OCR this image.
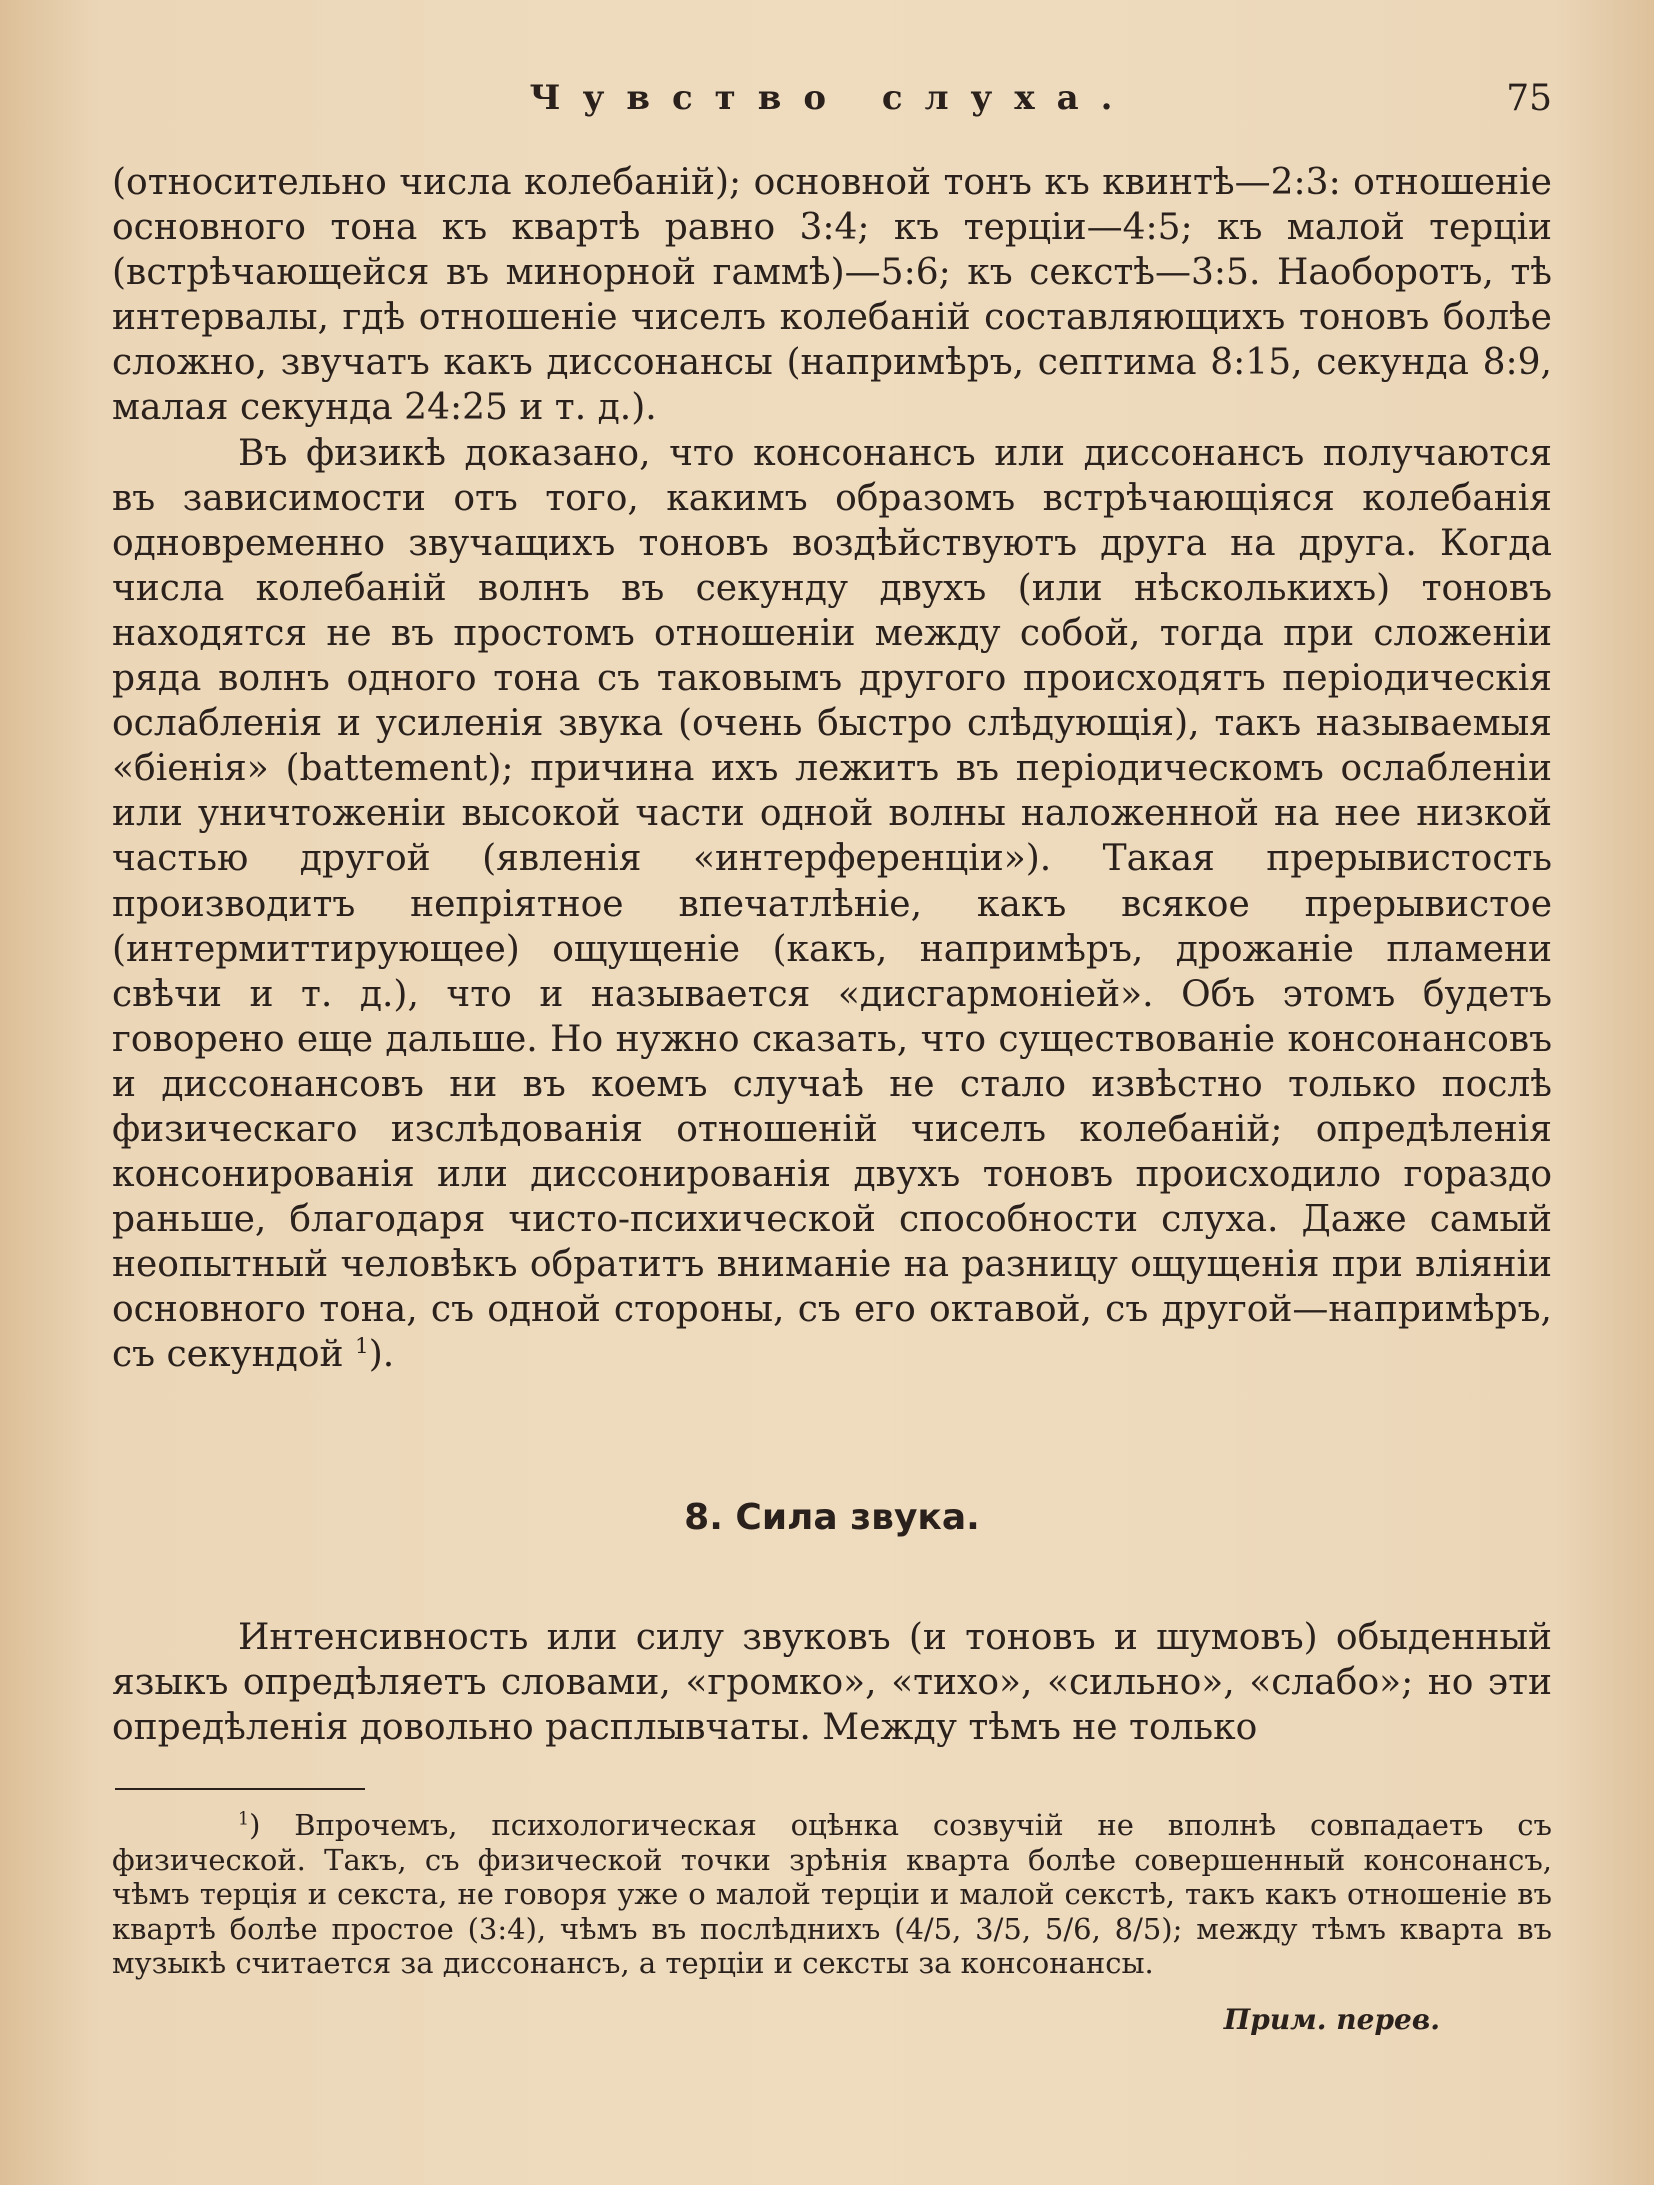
Чувство слуха.	75

(относительно числа колебаній); основной тонъ къ квинтѣ—2:3: отношеніе основного тона къ квартѣ равно 3:4; къ терціи—4:5; къ малой терціи (встрѣчающейся въ минорной гаммѣ)—5:6; къ секстѣ—3:5. Наоборотъ, тѣ интервалы, гдѣ отношеніе чиселъ колебаній составляющихъ тоновъ болѣе сложно, звучатъ какъ диссонансы (напримѣръ, септима 8:15, секунда 8:9, малая секунда 24:25 и т. д.).

Въ физикѣ доказано, что консонансъ или диссонансъ получаются въ зависимости отъ того, какимъ образомъ встрѣчающіяся колебанія одновременно звучащихъ тоновъ воздѣйствуютъ друга на друга. Когда числа колебаній волнъ въ секунду двухъ (или нѣсколькихъ) тоновъ находятся не въ простомъ отношеніи между собой, тогда при сложеніи ряда волнъ одного тона съ таковымъ другого происходятъ періодическія ослабленія и усиленія звука (очень быстро слѣдующія), такъ называемыя «біенія» (battement); причина ихъ лежитъ въ періодическомъ ослабленіи или уничтоженіи высокой части одной волны наложенной на нее низкой частью другой (явленія «интерференціи»). Такая прерывистость производитъ непріятное впечатлѣніе, какъ всякое прерывистое (интермиттирующее) ощущеніе (какъ, напримѣръ, дрожаніе пламени свѣчи и т. д.), что и называется «дисгармоніей». Объ этомъ будетъ говорено еще дальше. Но нужно сказать, что существованіе консонансовъ и диссонансовъ ни въ коемъ случаѣ не стало извѣстно только послѣ физическаго изслѣдованія отношеній чиселъ колебаній; опредѣленія консонированія или диссонированія двухъ тоновъ происходило гораздо раньше, благодаря чисто-психической способности слуха. Даже самый неопытный человѣкъ обратитъ вниманіе на разницу ощущенія при вліяніи основного тона, съ одной стороны, съ его октавой, съ другой—напримѣръ, съ секундой $^1$).

8. Сила звука.

Интенсивность или силу звуковъ (и тоновъ и шумовъ) обыденный языкъ опредѣляетъ словами, «громко», «тихо», «сильно», «слабо»; но эти опредѣленія довольно расплывчаты. Между тѣмъ не только

$^1$) Впрочемъ, психологическая оцѣнка созвучій не вполнѣ совпадаетъ съ физической. Такъ, съ физической точки зрѣнія кварта болѣе совершенный консонансъ, чѣмъ терція и секста, не говоря уже о малой терціи и малой секстѣ, такъ какъ отношеніе въ квартѣ болѣе простое (3:4), чѣмъ въ послѣднихъ (4/5, 3/5, 5/6, 8/5); между тѣмъ кварта въ музыкѣ считается за диссонансъ, а терціи и сексты за консонансы.

Прим. перев.
